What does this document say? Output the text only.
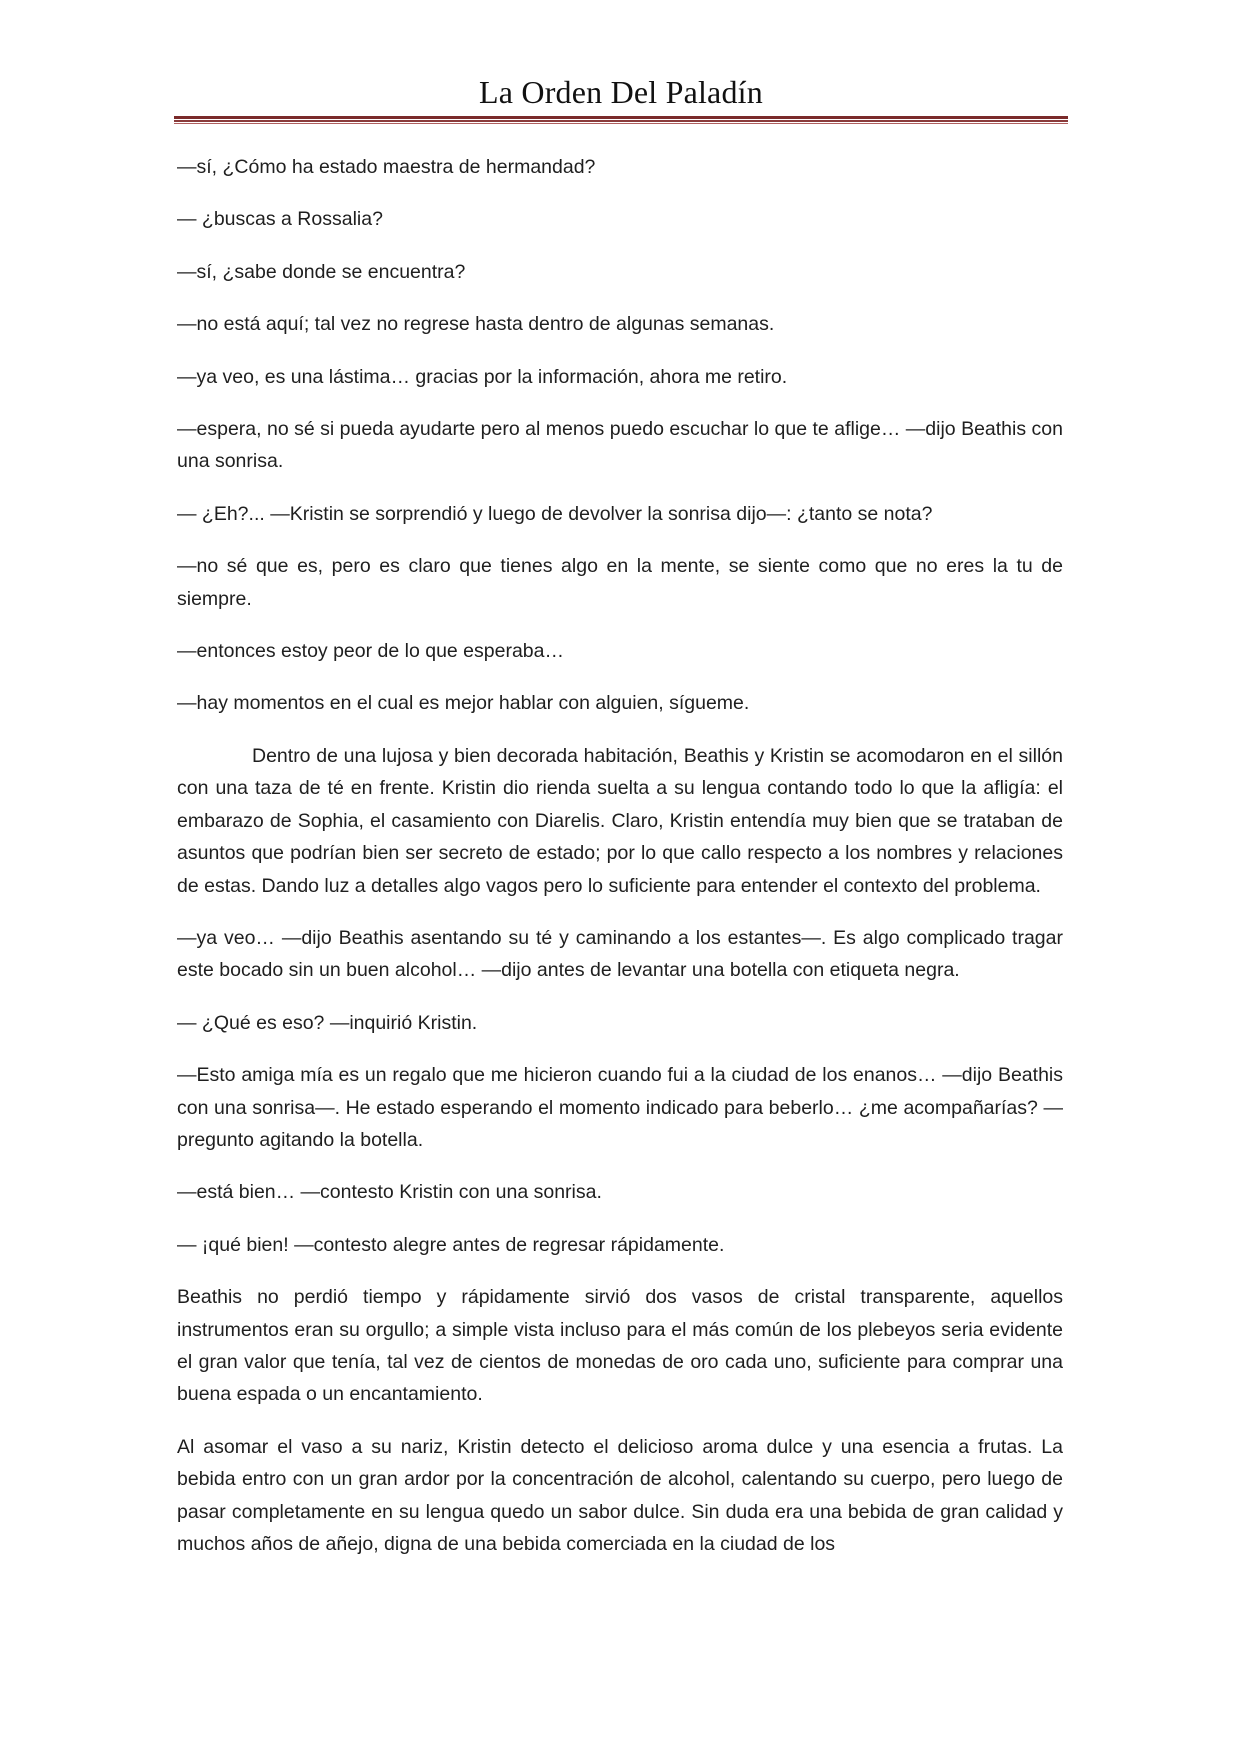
La Orden Del Paladín

—sí, ¿Cómo ha estado maestra de hermandad?

— ¿buscas a Rossalia?

—sí, ¿sabe donde se encuentra?

—no está aquí; tal vez no regrese hasta dentro de algunas semanas.

—ya veo, es una lástima… gracias por la información, ahora me retiro.

—espera, no sé si pueda ayudarte pero al menos puedo escuchar lo que te aflige… —dijo Beathis con una sonrisa.

— ¿Eh?... —Kristin se sorprendió y luego de devolver la sonrisa dijo—: ¿tanto se nota?

—no sé que es, pero es claro que tienes algo en la mente, se siente como que no eres la tu de siempre.

—entonces estoy peor de lo que esperaba…

—hay momentos en el cual es mejor hablar con alguien, sígueme.

Dentro de una lujosa y bien decorada habitación, Beathis y Kristin se acomodaron en el sillón con una taza de té en frente. Kristin dio rienda suelta a su lengua contando todo lo que la afligía: el embarazo de Sophia, el casamiento con Diarelis. Claro, Kristin entendía muy bien que se trataban de asuntos que podrían bien ser secreto de estado; por lo que callo respecto a los nombres y relaciones de estas. Dando luz a detalles algo vagos pero lo suficiente para entender el contexto del problema.

—ya veo… —dijo Beathis asentando su té y caminando a los estantes—. Es algo complicado tragar este bocado sin un buen alcohol… —dijo antes de levantar una botella con etiqueta negra.

— ¿Qué es eso? —inquirió Kristin.

—Esto amiga mía es un regalo que me hicieron cuando fui a la ciudad de los enanos… —dijo Beathis con una sonrisa—. He estado esperando el momento indicado para beberlo… ¿me acompañarías? —pregunto agitando la botella.

—está bien… —contesto Kristin con una sonrisa.

— ¡qué bien! —contesto alegre antes de regresar rápidamente.

Beathis no perdió tiempo y rápidamente sirvió dos vasos de cristal transparente, aquellos instrumentos eran su orgullo; a simple vista incluso para el más común de los plebeyos seria evidente el gran valor que tenía, tal vez de cientos de monedas de oro cada uno, suficiente para comprar una buena espada o un encantamiento.

Al asomar el vaso a su nariz, Kristin detecto el delicioso aroma dulce y una esencia a frutas. La bebida entro con un gran ardor por la concentración de alcohol, calentando su cuerpo, pero luego de pasar completamente en su lengua quedo un sabor dulce. Sin duda era una bebida de gran calidad y muchos años de añejo, digna de una bebida comerciada en la ciudad de los
